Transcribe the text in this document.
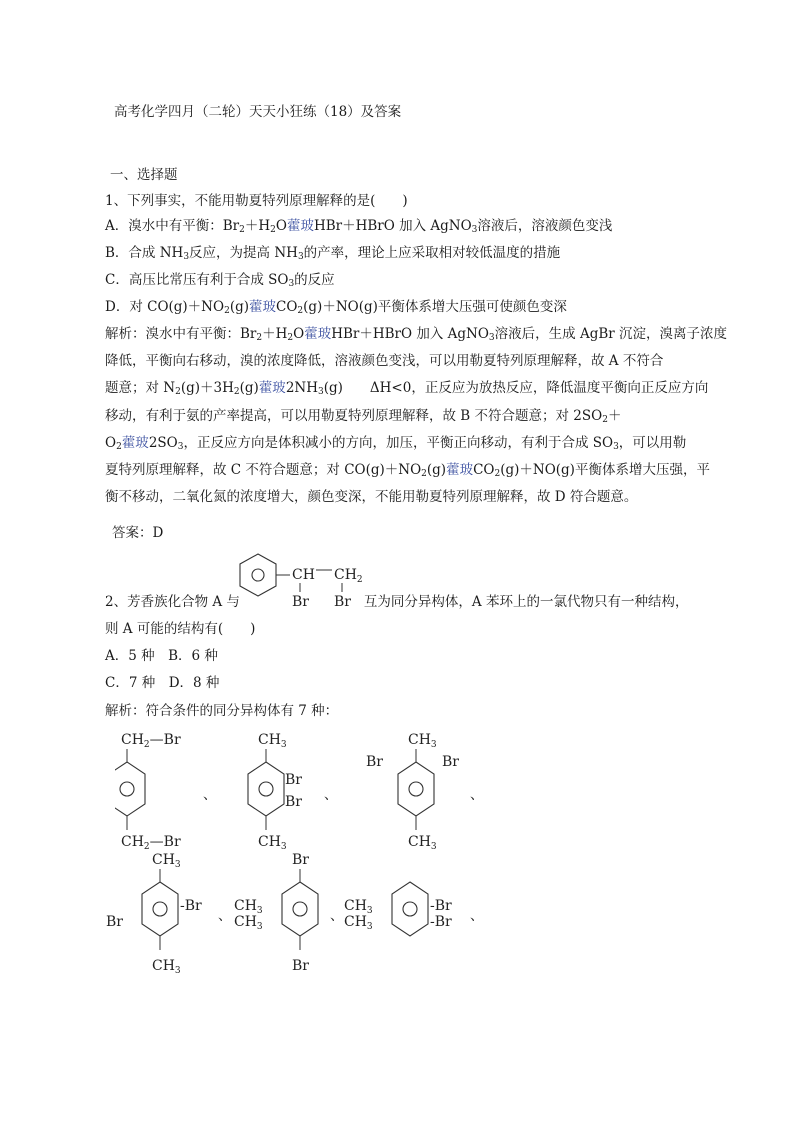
高考化学四月（二轮）天天小狂练（18）及答案
一、选择题
1、下列事实，不能用勒夏特列原理解释的是(　　)
A．溴水中有平衡：$Br_2+H_2O$藿玻HBr＋HBrO 加入 AgNO$_3$溶液后，溶液颜色变浅
B．合成 $NH_3$反应，为提高 $NH_3$的产率，理论上应采取相对较低温度的措施
C．高压比常压有利于合成 $SO_3$的反应
D．对 $CO(g)+NO_2(g)$藿玻$CO_2(g)+NO(g)$平衡体系增大压强可使颜色变深
解析：溴水中有平衡：$Br_2+H_2O$藿玻HBr＋HBrO 加入 AgNO$_3$溶液后，生成 AgBr 沉淀，溴离子浓度
降低，平衡向右移动，溴的浓度降低，溶液颜色变浅，可以用勒夏特列原理解释，故 A 不符合
题意；对 $N_2(g)+3H_2(g)$藿玻$2NH_3(g)$　　ΔH<0，正反应为放热反应，降低温度平衡向正反应方向
移动，有利于氨的产率提高，可以用勒夏特列原理解释，故 B 不符合题意；对 $2SO_2+$
$O_2$藿玻$2SO_3$，正反应方向是体积减小的方向，加压，平衡正向移动，有利于合成 $SO_3$，可以用勒
夏特列原理解释，故 C 不符合题意；对 $CO(g)+NO_2(g)$藿玻$CO_2(g)+NO(g)$平衡体系增大压强，平
衡不移动，二氧化氮的浓度增大，颜色变深，不能用勒夏特列原理解释，故 D 符合题意。
答案：D
CH $CH_2$
Br Br
2、芳香族化合物 A 与	互为同分异构体，A 苯环上的一氯代物只有一种结构，
则 A 可能的结构有(　　)
A．5 种　B．6 种
C．7 种　D．8 种
解析：符合条件的同分异构体有 7 种：
$CH_2—Br$
$CH_2—Br$
、
$CH_3$
Br
Br
$CH_3$
、
$CH_3$
Br	Br
$CH_3$
、
$CH_3$
-Br
Br
$CH_3$
、
Br
$CH_3$
$CH_3$
Br
、
$CH_3$
$CH_3$
-Br
-Br 、
